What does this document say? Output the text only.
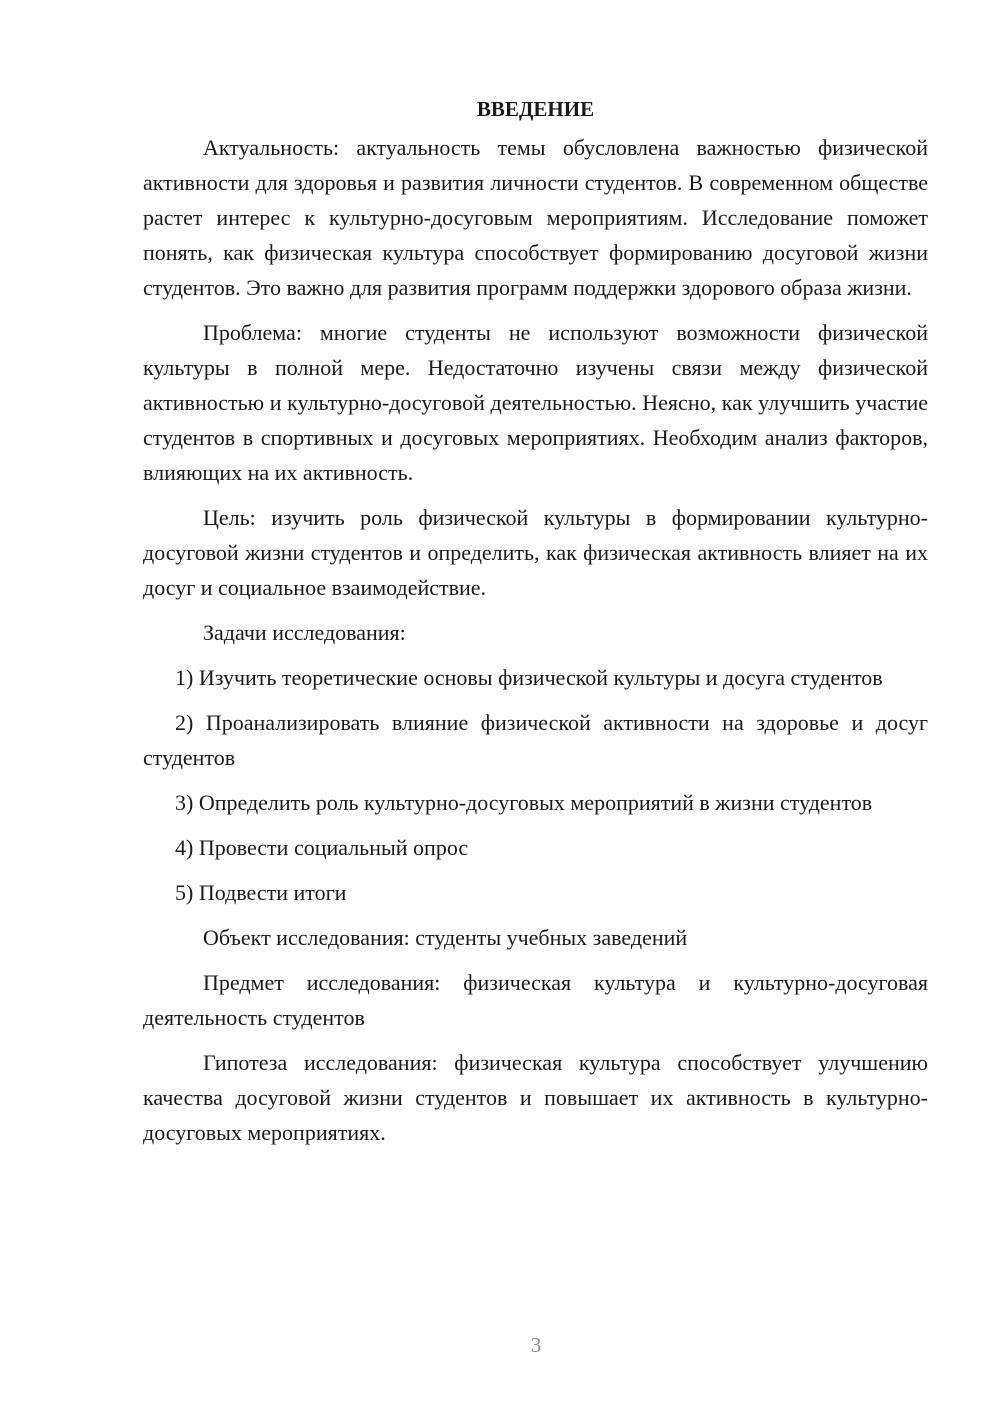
ВВЕДЕНИЕ

Актуальность: актуальность темы обусловлена важностью физической активности для здоровья и развития личности студентов. В современном обществе растет интерес к культурно-досуговым мероприятиям. Исследование поможет понять, как физическая культура способствует формированию досуговой жизни студентов. Это важно для развития программ поддержки здорового образа жизни.

Проблема: многие студенты не используют возможности физической культуры в полной мере. Недостаточно изучены связи между физической активностью и культурно-досуговой деятельностью. Неясно, как улучшить участие студентов в спортивных и досуговых мероприятиях. Необходим анализ факторов, влияющих на их активность.

Цель: изучить роль физической культуры в формировании культурно-досуговой жизни студентов и определить, как физическая активность влияет на их досуг и социальное взаимодействие.

Задачи исследования:

1) Изучить теоретические основы физической культуры и досуга студентов

2) Проанализировать влияние физической активности на здоровье и досуг студентов

3) Определить роль культурно-досуговых мероприятий в жизни студентов

4) Провести социальный опрос

5) Подвести итоги

Объект исследования: студенты учебных заведений

Предмет исследования: физическая культура и культурно-досуговая деятельность студентов

Гипотеза исследования: физическая культура способствует улучшению качества досуговой жизни студентов и повышает их активность в культурно-досуговых мероприятиях.

3
